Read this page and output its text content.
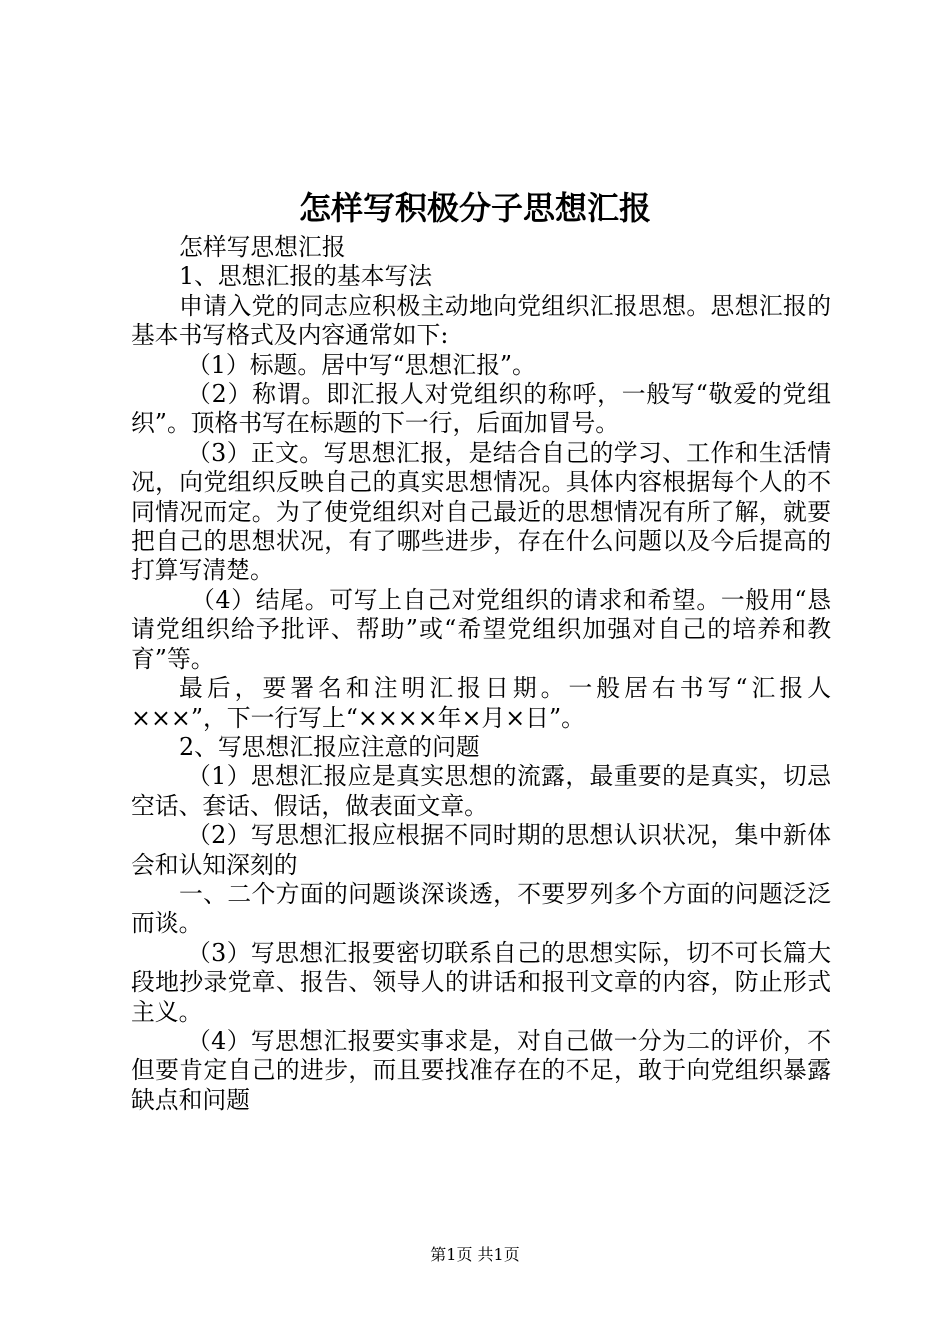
怎样写积极分子思想汇报

怎样写思想汇报

1、思想汇报的基本写法

申请入党的同志应积极主动地向党组织汇报思想。思想汇报的基本书写格式及内容通常如下:

（1）标题。居中写“思想汇报”。

（2）称谓。即汇报人对党组织的称呼，一般写“敬爱的党组织”。顶格书写在标题的下一行，后面加冒号。

（3）正文。写思想汇报，是结合自己的学习、工作和生活情况，向党组织反映自己的真实思想情况。具体内容根据每个人的不同情况而定。为了使党组织对自己最近的思想情况有所了解，就要把自己的思想状况，有了哪些进步，存在什么问题以及今后提高的打算写清楚。

（4）结尾。可写上自己对党组织的请求和希望。一般用“恳请党组织给予批评、帮助”或“希望党组织加强对自己的培养和教育”等。

最后，要署名和注明汇报日期。一般居右书写“汇报人×××”，下一行写上“××××年×月×日”。

2、写思想汇报应注意的问题

（1）思想汇报应是真实思想的流露，最重要的是真实，切忌空话、套话、假话，做表面文章。

（2）写思想汇报应根据不同时期的思想认识状况，集中新体会和认知深刻的

一、二个方面的问题谈深谈透，不要罗列多个方面的问题泛泛而谈。

（3）写思想汇报要密切联系自己的思想实际，切不可长篇大段地抄录党章、报告、领导人的讲话和报刊文章的内容，防止形式主义。

（4）写思想汇报要实事求是，对自己做一分为二的评价，不但要肯定自己的进步，而且要找准存在的不足，敢于向党组织暴露缺点和问题

第1页 共1页
